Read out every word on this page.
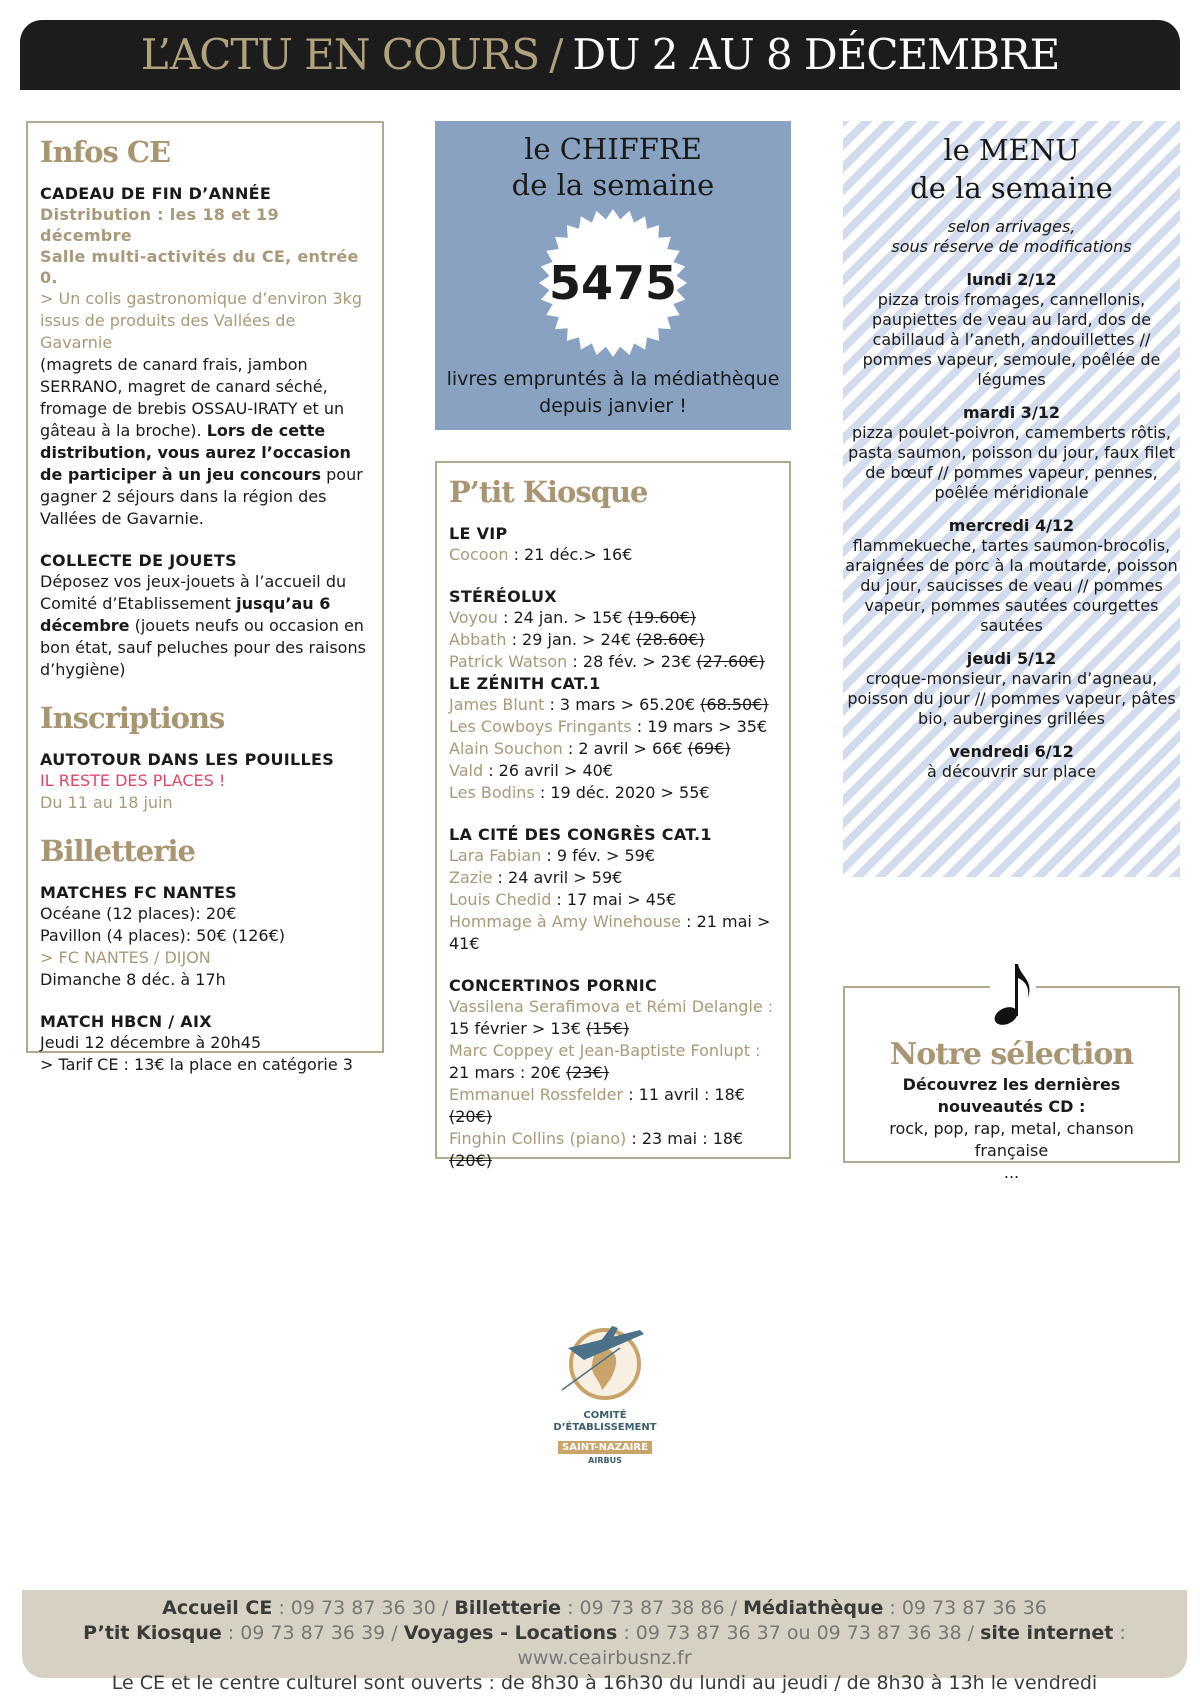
L’ACTU EN COURS / DU 2 AU 8 DÉCEMBRE
Infos CE
CADEAU DE FIN D’ANNÉE
Distribution : les 18 et 19 décembre
Salle multi-activités du CE, entrée 0.
> Un colis gastronomique d’environ 3kg issus de produits des Vallées de Gavarnie
(magrets de canard frais, jambon SERRANO, magret de canard séché, fromage de brebis OSSAU-IRATY et un gâteau à la broche). Lors de cette distribution, vous aurez l’occasion de participer à un jeu concours pour gagner 2 séjours dans la région des Vallées de Gavarnie.
COLLECTE DE JOUETS
Déposez vos jeux-jouets à l’accueil du Comité d’Etablissement jusqu’au 6 décembre (jouets neufs ou occasion en bon état, sauf peluches pour des raisons d’hygiène)
Inscriptions
AUTOTOUR DANS LES POUILLES
IL RESTE DES PLACES !
Du 11 au 18 juin
Billetterie
MATCHES FC NANTES
Océane (12 places): 20€
Pavillon (4 places): 50€ (126€)
> FC NANTES / DIJON
Dimanche 8 déc. à 17h
MATCH HBCN / AIX
Jeudi 12 décembre à 20h45
> Tarif CE : 13€ la place en catégorie 3
le CHIFFRE
de la semaine
5475
livres empruntés à la médiathèque
depuis janvier !
P’tit Kiosque
LE VIP
Cocoon : 21 déc.> 16€
STÉRÉOLUX
Voyou : 24 jan. > 15€ (19.60€)
Abbath : 29 jan. > 24€ (28.60€)
Patrick Watson : 28 fév. > 23€ (27.60€)
LE ZÉNITH CAT.1
James Blunt : 3 mars > 65.20€ (68.50€)
Les Cowboys Fringants : 19 mars > 35€
Alain Souchon : 2 avril > 66€ (69€)
Vald : 26 avril > 40€
Les Bodins : 19 déc. 2020 > 55€
LA CITÉ DES CONGRÈS CAT.1
Lara Fabian : 9 fév. > 59€
Zazie : 24 avril > 59€
Louis Chedid : 17 mai > 45€
Hommage à Amy Winehouse : 21 mai > 41€
CONCERTINOS PORNIC
Vassilena Serafimova et Rémi Delangle :
15 février > 13€ (15€)
Marc Coppey et Jean-Baptiste Fonlupt :
21 mars : 20€ (23€)
Emmanuel Rossfelder : 11 avril : 18€ (20€)
Finghin Collins (piano) : 23 mai : 18€ (20€)
le MENU
de la semaine
selon arrivages,
sous réserve de modifications
lundi 2/12
pizza trois fromages, cannellonis, paupiettes de veau au lard, dos de cabillaud à l’aneth, andouillettes // pommes vapeur, semoule, poêlée de légumes
mardi 3/12
pizza poulet-poivron, camemberts rôtis, pasta saumon, poisson du jour, faux filet de bœuf // pommes vapeur, pennes, poêlée méridionale
mercredi 4/12
flammekueche, tartes saumon-brocolis, araignées de porc à la moutarde, poisson du jour, saucisses de veau // pommes vapeur, pommes sautées courgettes sautées
jeudi 5/12
croque-monsieur, navarin d’agneau, poisson du jour // pommes vapeur, pâtes bio, aubergines grillées
vendredi 6/12
à découvrir sur place
Notre sélection
Découvrez les dernières nouveautés CD :
rock, pop, rap, metal, chanson française
...
COMITÉ D’ÉTABLISSEMENT
SAINT-NAZAIRE
AIRBUS
Accueil CE : 09 73 87 36 30 / Billetterie : 09 73 87 38 86 / Médiathèque : 09 73 87 36 36
P’tit Kiosque : 09 73 87 36 39 / Voyages - Locations : 09 73 87 36 37 ou 09 73 87 36 38 / site internet : www.ceairbusnz.fr
Le CE et le centre culturel sont ouverts : de 8h30 à 16h30 du lundi au jeudi / de 8h30 à 13h le vendredi
